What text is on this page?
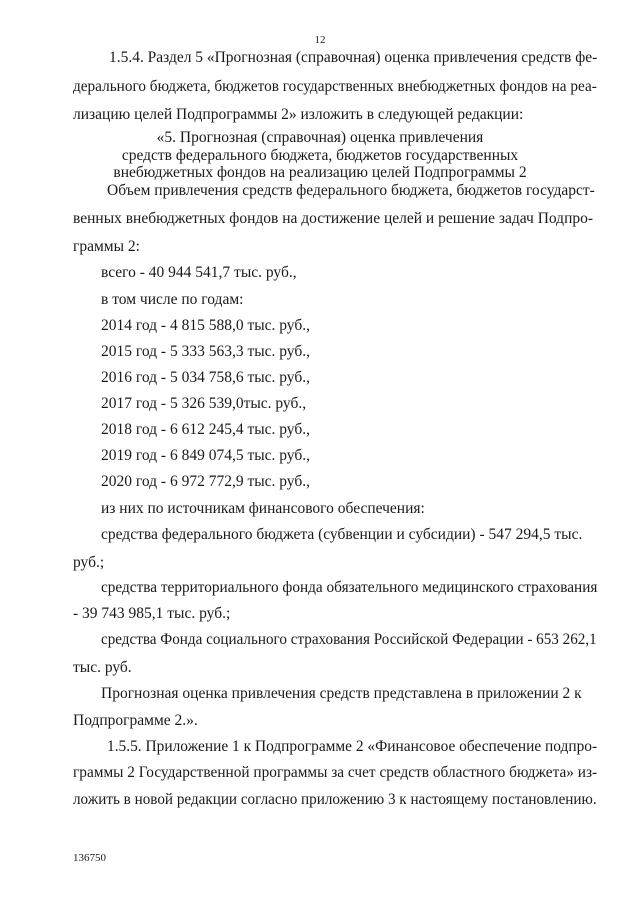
12
1.5.4. Раздел 5 «Прогнозная (справочная) оценка привлечения средств фе-
дерального бюджета, бюджетов государственных внебюджетных фондов на реа-
лизацию целей Подпрограммы 2» изложить в следующей редакции:
«5. Прогнозная (справочная) оценка привлечения
средств федерального бюджета, бюджетов государственных
внебюджетных фондов на реализацию целей Подпрограммы 2
Объем привлечения средств федерального бюджета, бюджетов государст-
венных внебюджетных фондов на достижение целей и решение задач Подпро-
граммы 2:
всего - 40 944 541,7 тыс. руб.,
в том числе по годам:
2014 год - 4 815 588,0 тыс. руб.,
2015 год - 5 333 563,3 тыс. руб.,
2016 год - 5 034 758,6 тыс. руб.,
2017 год - 5 326 539,0тыс. руб.,
2018 год - 6 612 245,4 тыс. руб.,
2019 год - 6 849 074,5 тыс. руб.,
2020 год - 6 972 772,9 тыс. руб.,
из них по источникам финансового обеспечения:
средства федерального бюджета (субвенции и субсидии) - 547 294,5 тыс.
руб.;
средства территориального фонда обязательного медицинского страхования
- 39 743 985,1 тыс. руб.;
средства Фонда социального страхования Российской Федерации - 653 262,1
тыс. руб.
Прогнозная оценка привлечения средств представлена в приложении 2 к
Подпрограмме 2.».
1.5.5. Приложение 1 к Подпрограмме 2 «Финансовое обеспечение подпро-
граммы 2 Государственной программы за счет средств областного бюджета» из-
ложить в новой редакции согласно приложению 3 к настоящему постановлению.
136750
